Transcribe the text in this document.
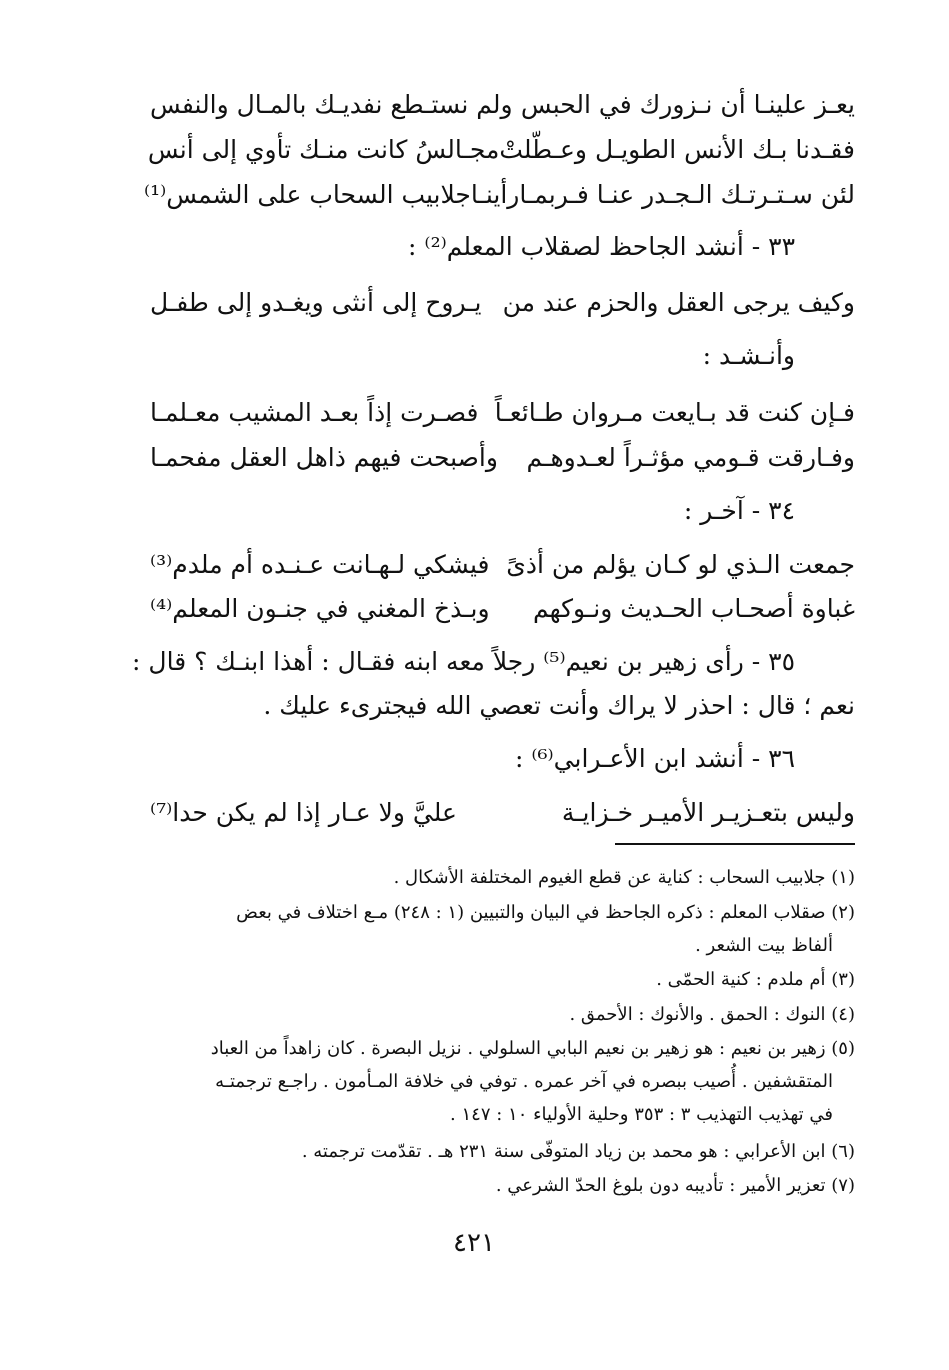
يعـز علينـا أن نـزورك في الحبس
ولم نستـطع نفديـك بالمـال والنفس
فقـدنا بـك الأنس الطويـل وعـطّلتْ
مجـالسُ كانت منـك تأوي إلى أنس
لئن سـتـرتـك الـجـدر عنـا فـربمـا
رأينـاجلابيب السحاب على الشمس⁽¹⁾
٣٣ - أنشد الجاحظ لصقلاب المعلم⁽²⁾ :
وكيف يرجى العقل والحزم عند من
يـروح إلى أنثى ويغـدو إلى طفـل
وأنـشـد :
فـإن كنت قد بـايعت مـروان طـائعـاً
فصـرت إذاً بعـد المشيب معـلمـا
وفـارقت قـومي مؤثـراً لعـدوهـم
وأصبحت فيهم ذاهل العقل مفحمـا
٣٤ - آخـر :
جمعت الـذي لو كـان يؤلم من أذىً
فيشكي لـهـانت عـنـده أم ملدم⁽³⁾
غباوة أصحـاب الحـديث ونـوكهم
وبـذخ المغني في جنـون المعلم⁽⁴⁾
٣٥ - رأى زهير بن نعيم⁽⁵⁾ رجلاً معه ابنه فقـال : أهذا ابنـك ؟ قال :
نعم ؛ قال : احذر لا يراك وأنت تعصي الله فيجترىء عليك .
٣٦ - أنشد ابن الأعـرابي⁽⁶⁾ :
وليس بتعـزيـر الأميـر خـزايـة
عليَّ ولا عـار إذا لم يكن حدا⁽⁷⁾
(١) جلابيب السحاب : كناية عن قطع الغيوم المختلفة الأشكال .
(٢) صقلاب المعلم : ذكره الجاحظ في البيان والتبيين (١ : ٢٤٨) مـع اختلاف في بعض
ألفاظ بيت الشعر .
(٣) أم ملدم : كنية الحمّى .
(٤) النوك : الحمق . والأنوك : الأحمق .
(٥) زهير بن نعيم : هو زهير بن نعيم البابي السلولي . نزيل البصرة . كان زاهداً من العباد
المتقشفين . أُصيب ببصره في آخر عمره . توفي في خلافة المـأمون . راجـع ترجمتـه
في تهذيب التهذيب ٣ : ٣٥٣ وحلية الأولياء ١٠ : ١٤٧ .
(٦) ابن الأعرابي : هو محمد بن زياد المتوفّى سنة ٢٣١ هـ . تقدّمت ترجمته .
(٧) تعزير الأمير : تأديبه دون بلوغ الحدّ الشرعي .
٤٢١
